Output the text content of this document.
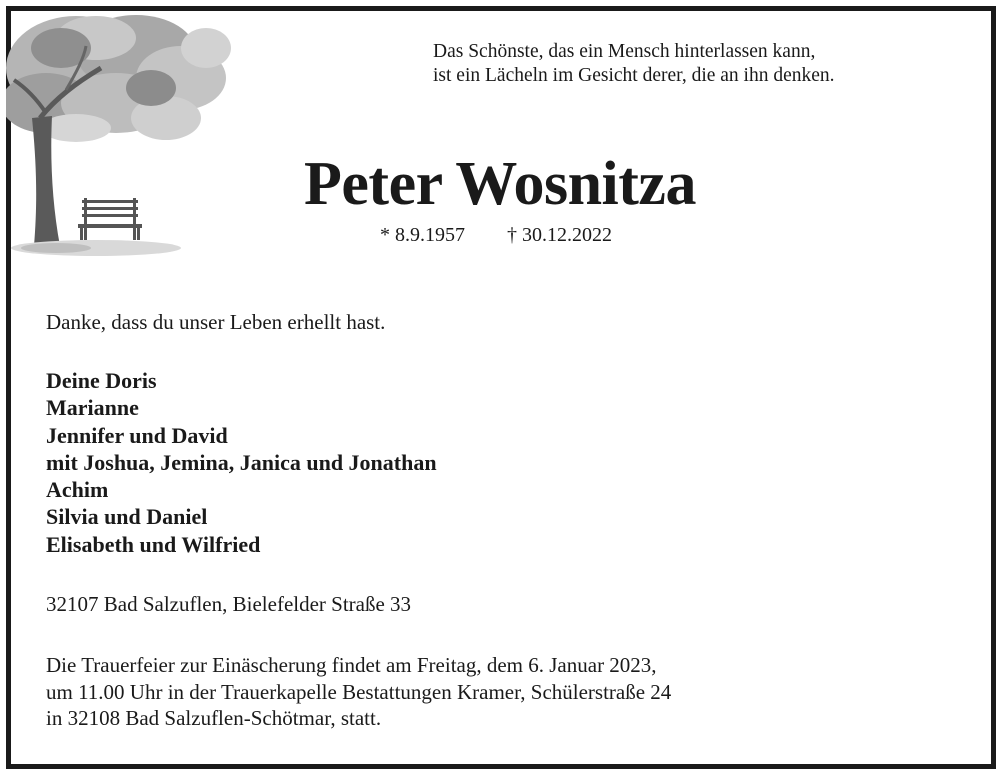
Das Schönste, das ein Mensch hinterlassen kann,
ist ein Lächeln im Gesicht derer, die an ihn denken.
Peter Wosnitza
* 8.9.1957 † 30.12.2022
Danke, dass du unser Leben erhellt hast.
Deine Doris
Marianne
Jennifer und David
mit Joshua, Jemina, Janica und Jonathan
Achim
Silvia und Daniel
Elisabeth und Wilfried
32107 Bad Salzuflen, Bielefelder Straße 33
Die Trauerfeier zur Einäscherung findet am Freitag, dem 6. Januar 2023,
um 11.00 Uhr in der Trauerkapelle Bestattungen Kramer, Schülerstraße 24
in 32108 Bad Salzuflen-Schötmar, statt.
